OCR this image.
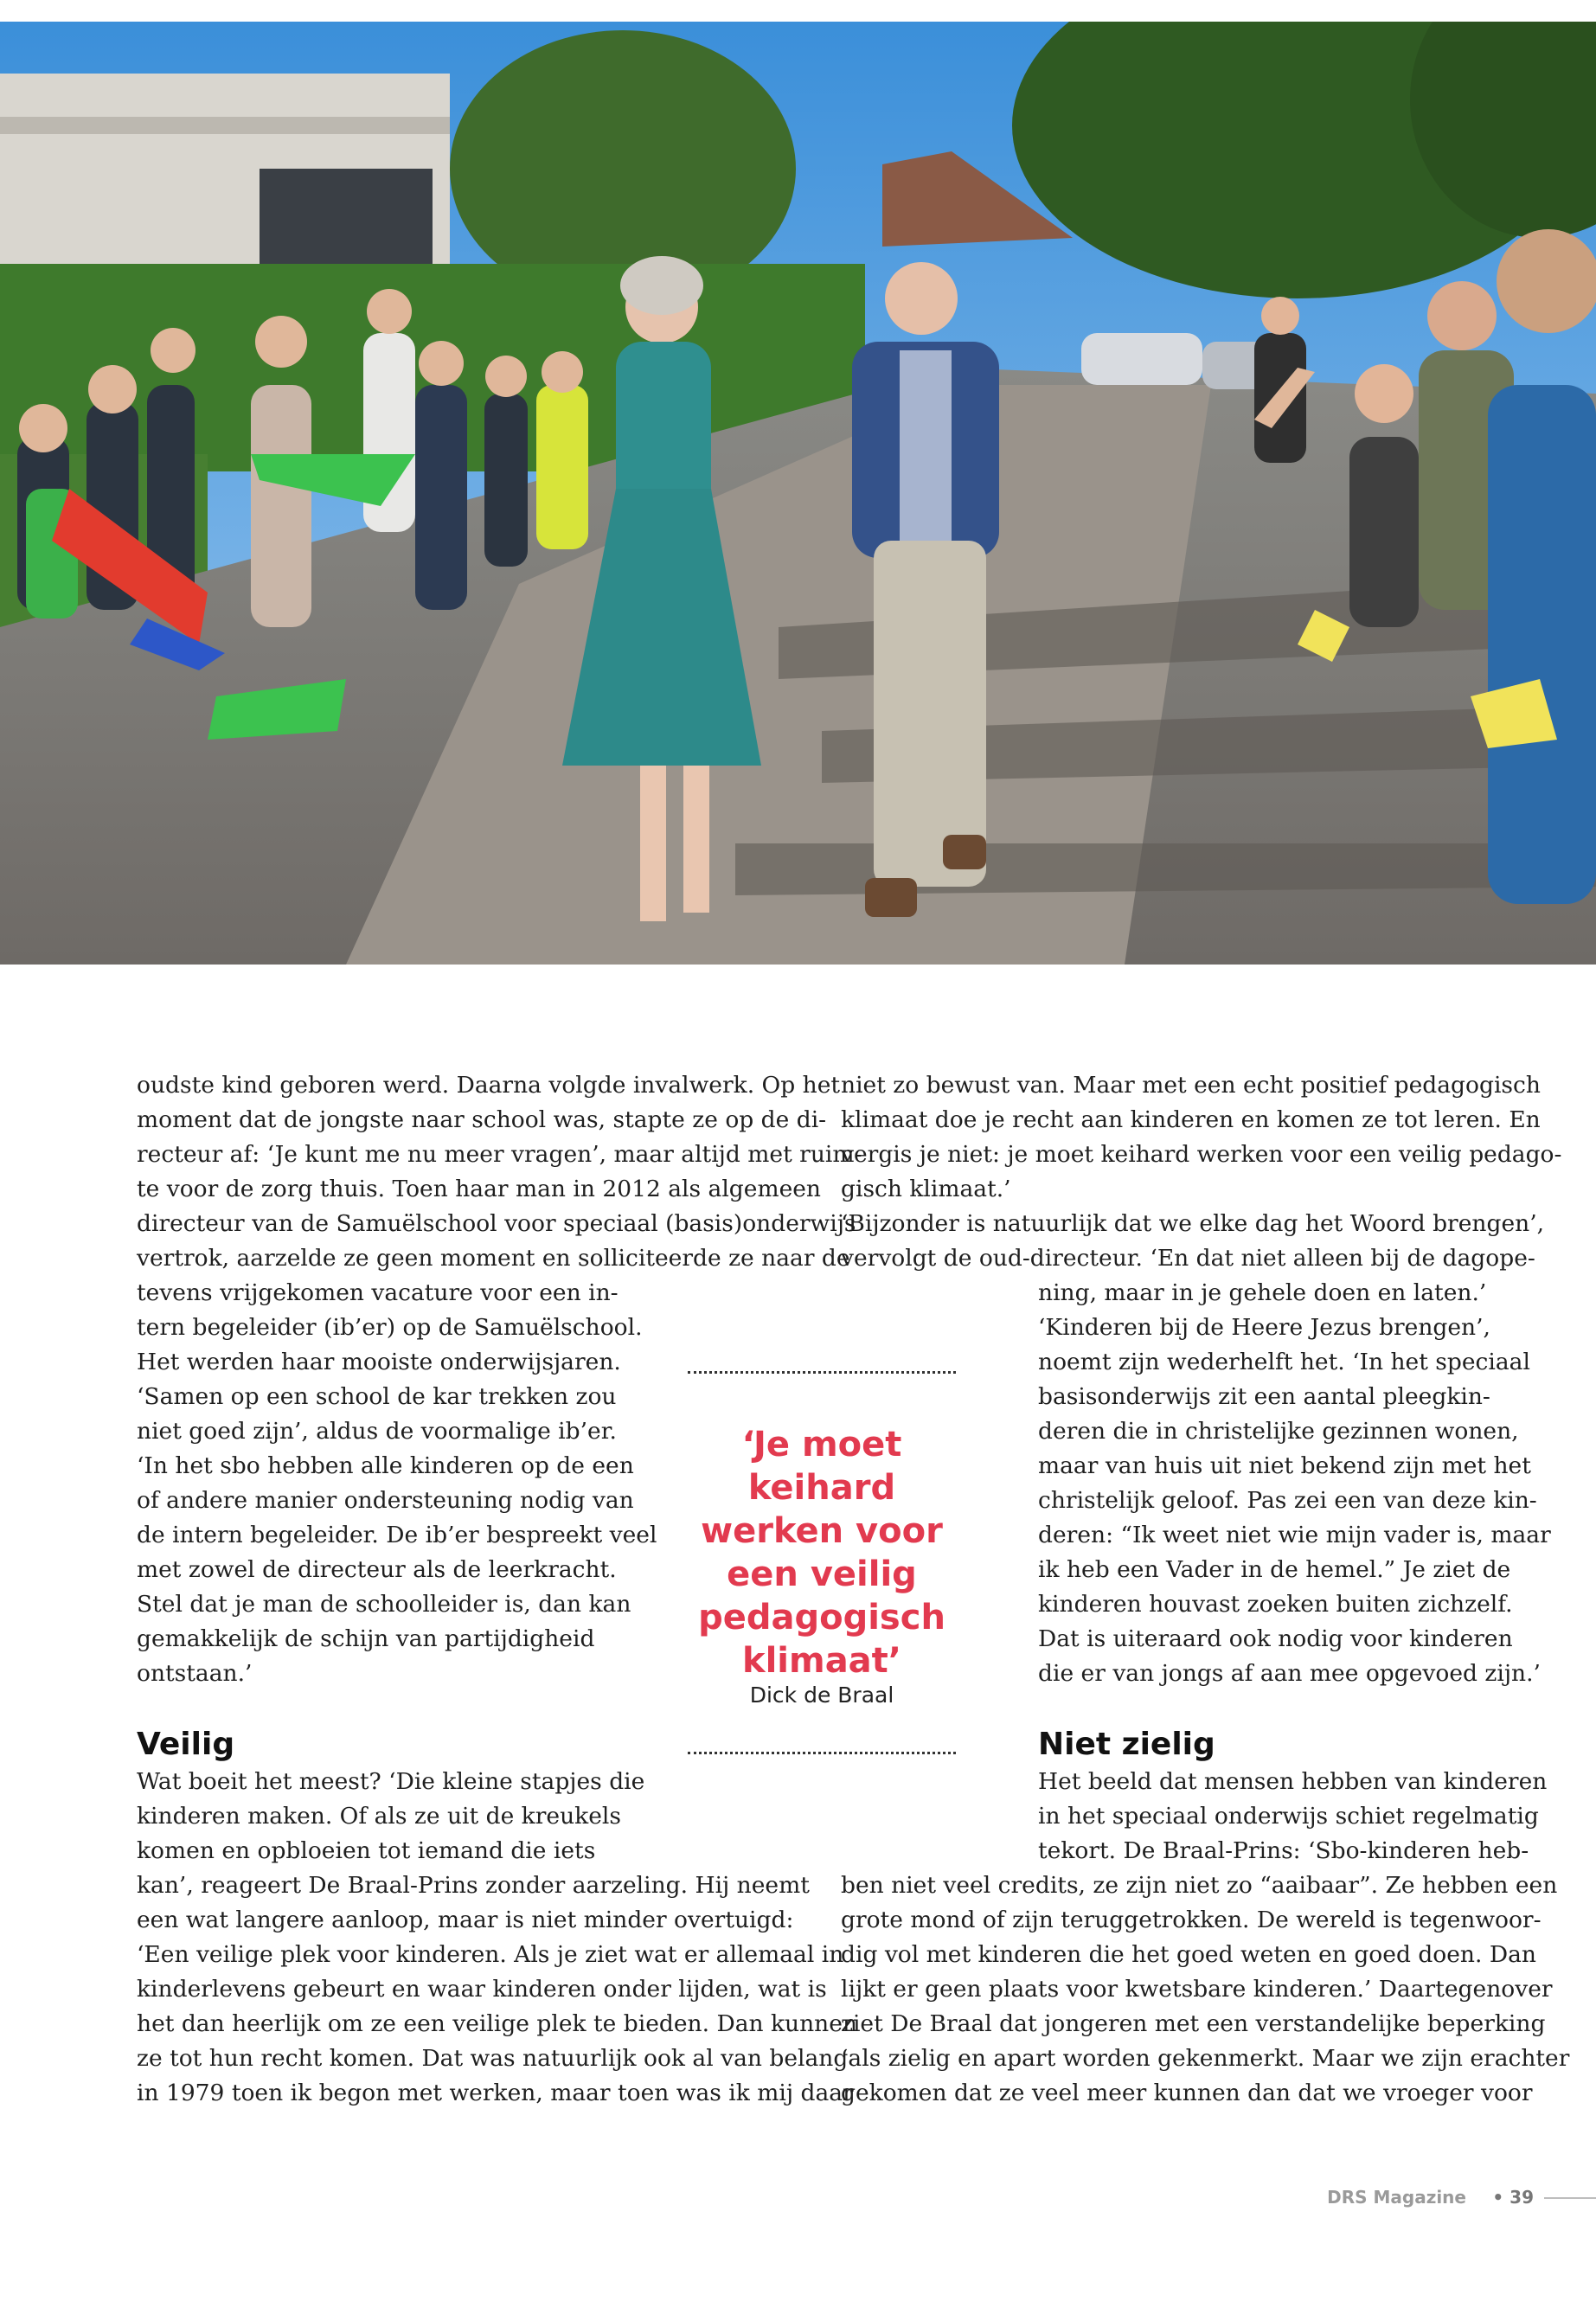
oudste kind geboren werd. Daarna volgde invalwerk. Op het
moment dat de jongste naar school was, stapte ze op de di-
recteur af: ‘Je kunt me nu meer vragen’, maar altijd met ruim-
te voor de zorg thuis. Toen haar man in 2012 als algemeen
directeur van de Samuëlschool voor speciaal (basis)onderwijs
vertrok, aarzelde ze geen moment en solliciteerde ze naar de
tevens vrijgekomen vacature voor een in-
tern begeleider (ib’er) op de Samuëlschool.
Het werden haar mooiste onderwijsjaren.
‘Samen op een school de kar trekken zou
niet goed zijn’, aldus de voormalige ib’er.
‘In het sbo hebben alle kinderen op de een
of andere manier ondersteuning nodig van
de intern begeleider. De ib’er bespreekt veel
met zowel de directeur als de leerkracht.
Stel dat je man de schoolleider is, dan kan
gemakkelijk de schijn van partijdigheid
ontstaan.’
Veilig
Wat boeit het meest? ‘Die kleine stapjes die
kinderen maken. Of als ze uit de kreukels
komen en opbloeien tot iemand die iets
kan’, reageert De Braal-Prins zonder aarzeling. Hij neemt
een wat langere aanloop, maar is niet minder overtuigd:
‘Een veilige plek voor kinderen. Als je ziet wat er allemaal in
kinderlevens gebeurt en waar kinderen onder lijden, wat is
het dan heerlijk om ze een veilige plek te bieden. Dan kunnen
ze tot hun recht komen. Dat was natuurlijk ook al van belang
in 1979 toen ik begon met werken, maar toen was ik mij daar
niet zo bewust van. Maar met een echt positief pedagogisch
klimaat doe je recht aan kinderen en komen ze tot leren. En
vergis je niet: je moet keihard werken voor een veilig pedago-
gisch klimaat.’
‘Bijzonder is natuurlijk dat we elke dag het Woord brengen’,
vervolgt de oud-directeur. ‘En dat niet alleen bij de dagope-
ning, maar in je gehele doen en laten.’
‘Kinderen bij de Heere Jezus brengen’,
noemt zijn wederhelft het. ‘In het speciaal
basisonderwijs zit een aantal pleegkin-
deren die in christelijke gezinnen wonen,
maar van huis uit niet bekend zijn met het
christelijk geloof. Pas zei een van deze kin-
deren: “Ik weet niet wie mijn vader is, maar
ik heb een Vader in de hemel.” Je ziet de
kinderen houvast zoeken buiten zichzelf.
Dat is uiteraard ook nodig voor kinderen
die er van jongs af aan mee opgevoed zijn.’
Niet zielig
Het beeld dat mensen hebben van kinderen
in het speciaal onderwijs schiet regelmatig
tekort. De Braal-Prins: ‘Sbo-kinderen heb-
ben niet veel credits, ze zijn niet zo “aaibaar”. Ze hebben een
grote mond of zijn teruggetrokken. De wereld is tegenwoor-
dig vol met kinderen die het goed weten en goed doen. Dan
lijkt er geen plaats voor kwetsbare kinderen.’ Daartegenover
ziet De Braal dat jongeren met een verstandelijke beperking
‘als zielig en apart worden gekenmerkt. Maar we zijn erachter
gekomen dat ze veel meer kunnen dan dat we vroeger voor
‘Je moet keihard
werken voor
een veilig
pedagogisch
klimaat’
Dick de Braal
DRS Magazine • 39
